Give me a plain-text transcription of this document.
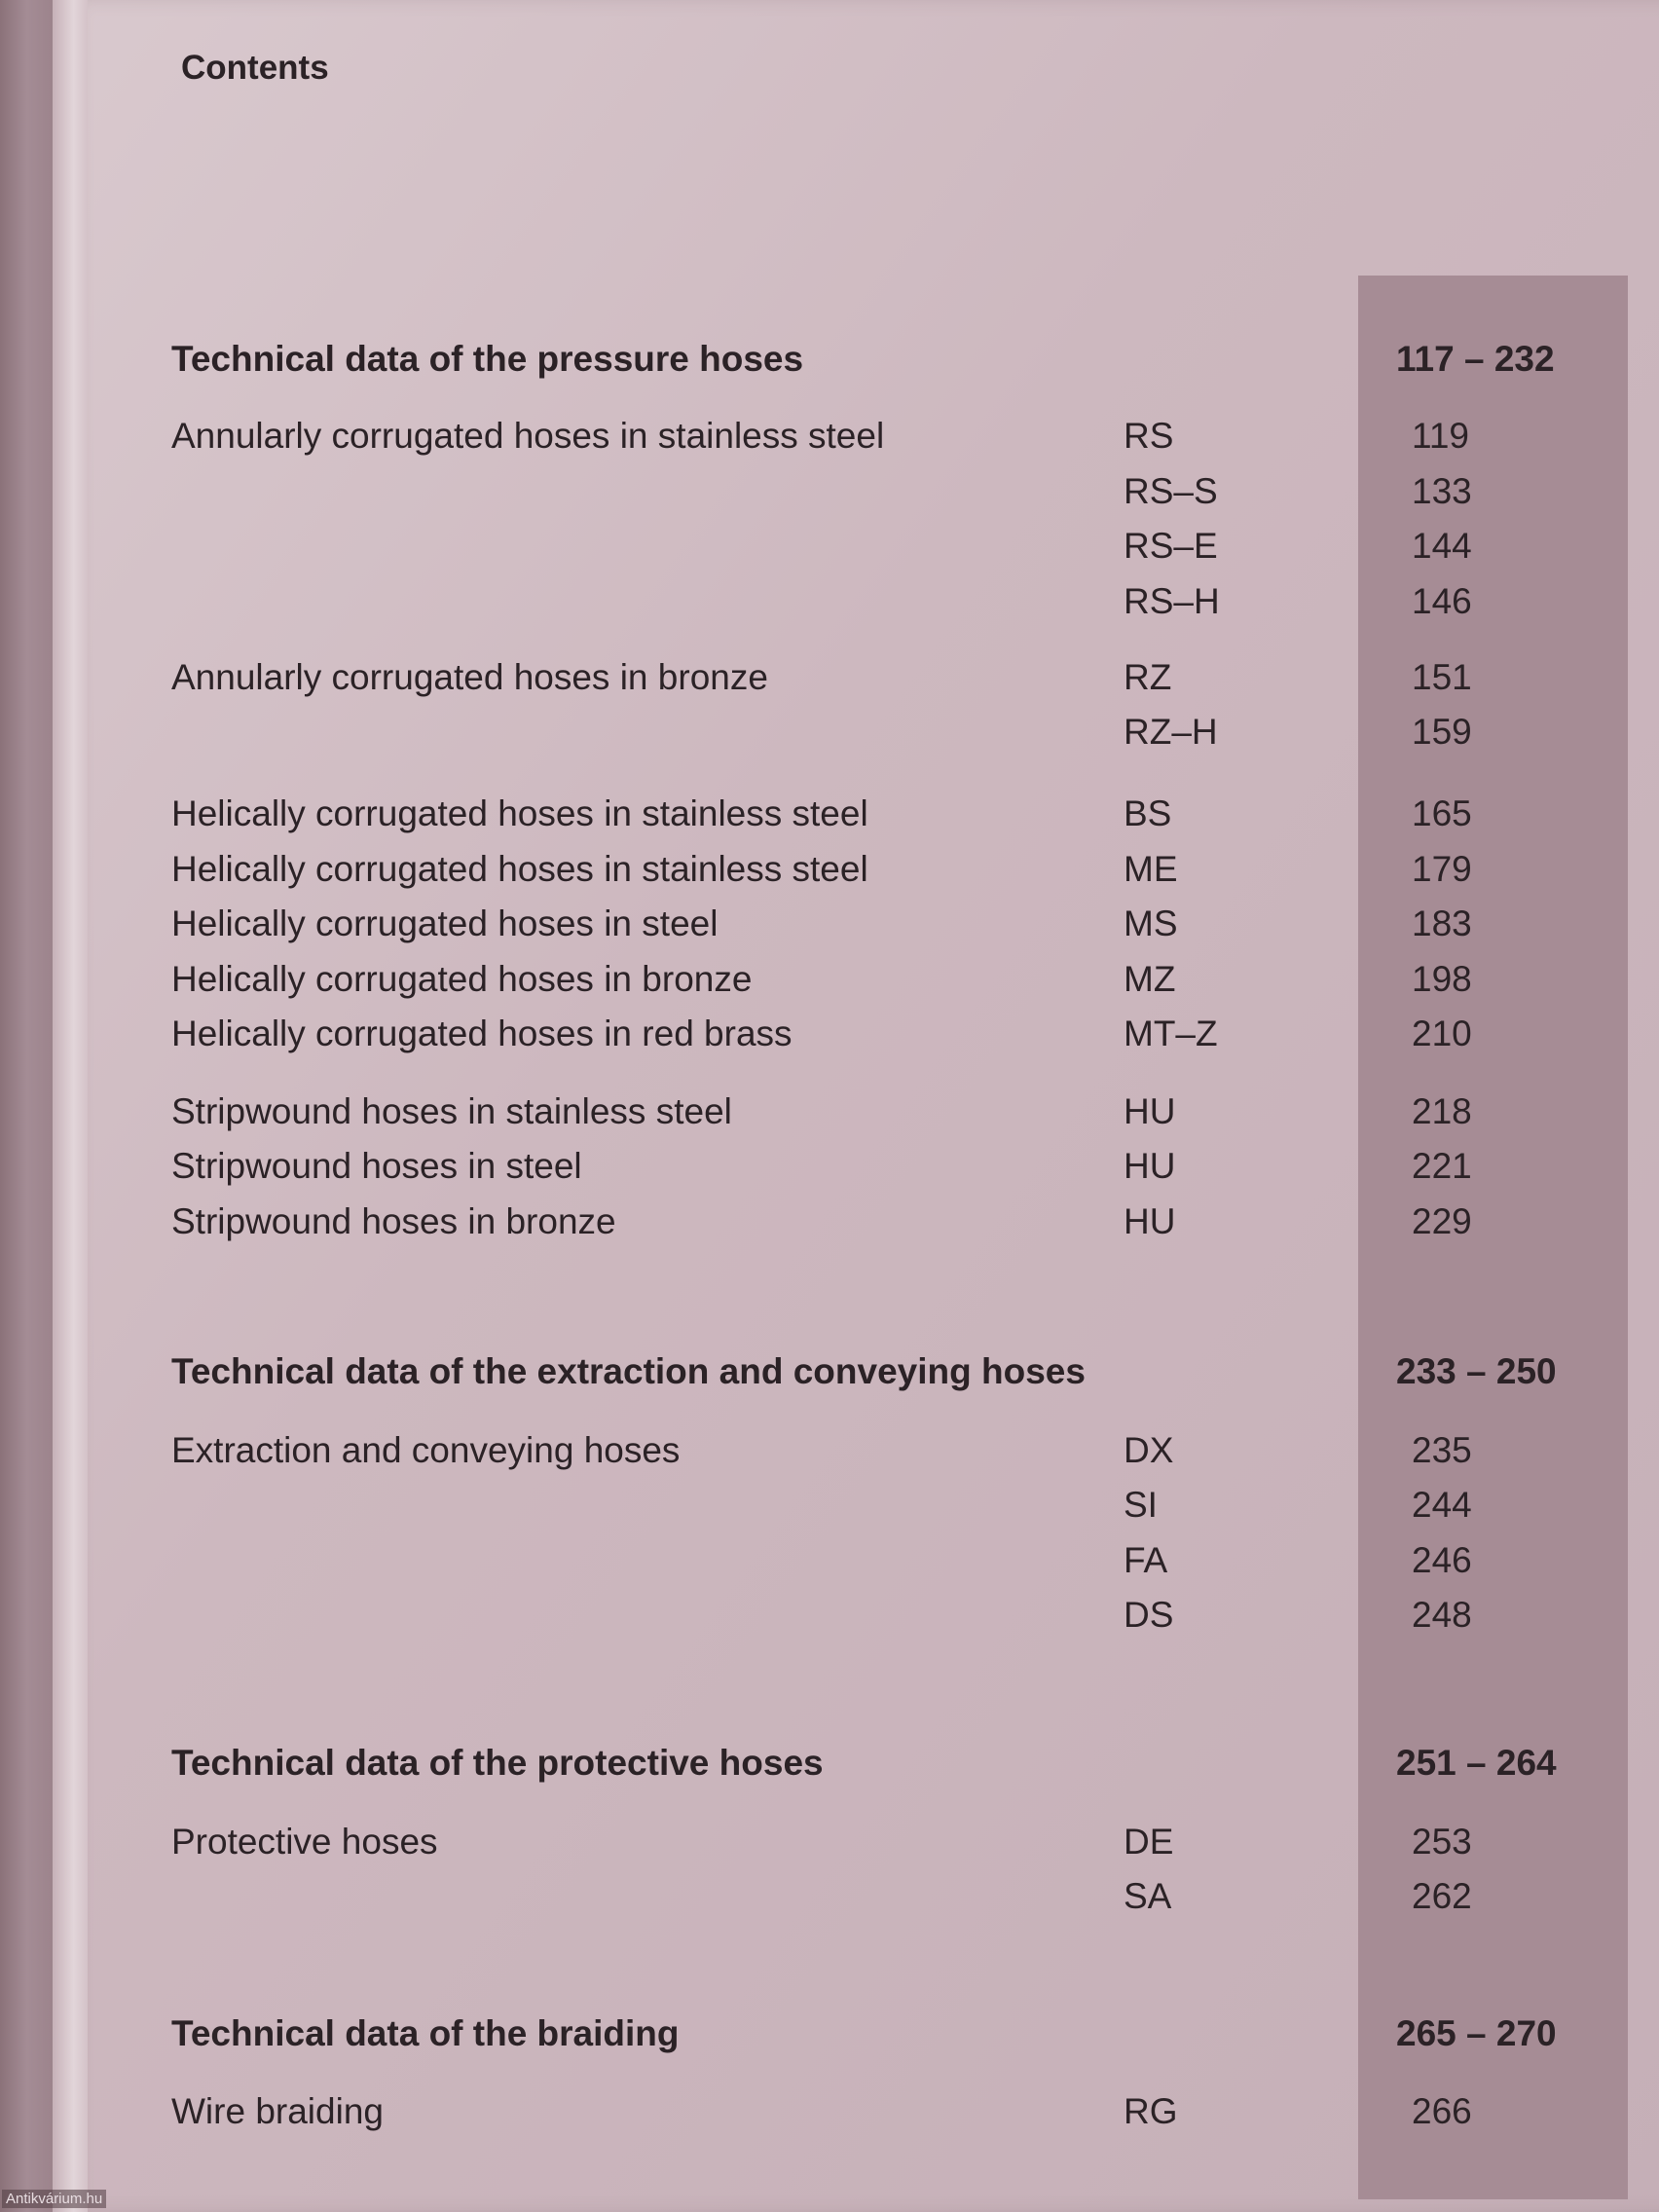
Contents
Technical data of the pressure hoses	117 – 232
Annularly corrugated hoses in stainless steel	RS	119
RS–S	133
RS–E	144
RS–H	146
Annularly corrugated hoses in bronze	RZ	151
RZ–H	159
Helically corrugated hoses in stainless steel	BS	165
Helically corrugated hoses in stainless steel	ME	179
Helically corrugated hoses in steel	MS	183
Helically corrugated hoses in bronze	MZ	198
Helically corrugated hoses in red brass	MT–Z	210
Stripwound hoses in stainless steel	HU	218
Stripwound hoses in steel	HU	221
Stripwound hoses in bronze	HU	229
Technical data of the extraction and conveying hoses	233 – 250
Extraction and conveying hoses	DX	235
SI	244
FA	246
DS	248
Technical data of the protective hoses	251 – 264
Protective hoses	DE	253
SA	262
Technical data of the braiding	265 – 270
Wire braiding	RG	266
Antikvárium.hu
